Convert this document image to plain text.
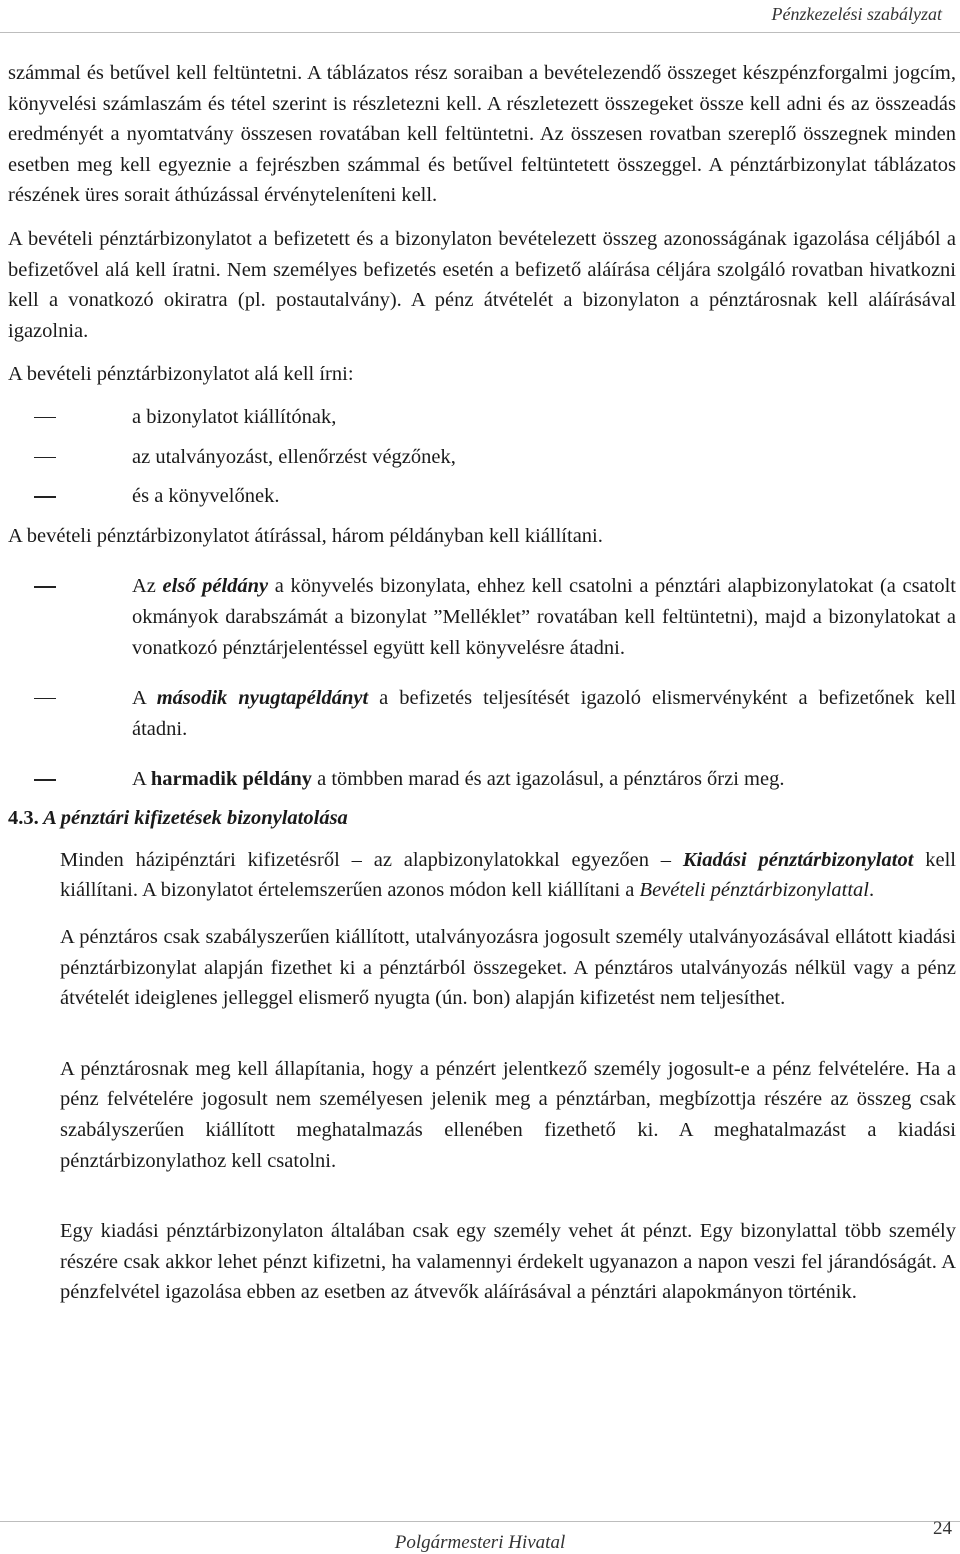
Pénzkezelési szabályzat

számmal és betűvel kell feltüntetni. A táblázatos rész soraiban a bevételezendő összeget készpénzforgalmi jogcím, könyvelési számlaszám és tétel szerint is részletezni kell. A részletezett összegeket össze kell adni és az összeadás eredményét a nyomtatvány összesen rovatában kell feltüntetni. Az összesen rovatban szereplő összegnek minden esetben meg kell egyeznie a fejrészben számmal és betűvel feltüntetett összeggel. A pénztárbizonylat táblázatos részének üres sorait áthúzással érvényteleníteni kell.

A bevételi pénztárbizonylatot a befizetett és a bizonylaton bevételezett összeg azonosságának igazolása céljából a befizetővel alá kell íratni. Nem személyes befizetés esetén a befizető aláírása céljára szolgáló rovatban hivatkozni kell a vonatkozó okiratra (pl. postautalvány). A pénz átvételét a bizonylaton a pénztárosnak kell aláírásával igazolnia.

A bevételi pénztárbizonylatot alá kell írni:

a bizonylatot kiállítónak,
az utalványozást, ellenőrzést végzőnek,
és a könyvelőnek.

A bevételi pénztárbizonylatot átírással, három példányban kell kiállítani.

Az első példány a könyvelés bizonylata, ehhez kell csatolni a pénztári alapbizonylatokat (a csatolt okmányok darabszámát a bizonylat ”Melléklet” rovatában kell feltüntetni), majd a bizonylatokat a vonatkozó pénztárjelentéssel együtt kell könyvelésre átadni.
A második nyugtapéldányt a befizetés teljesítését igazoló elismervényként a befizetőnek kell átadni.
A harmadik példány a tömbben marad és azt igazolásul, a pénztáros őrzi meg.
4.3. A pénztári kifizetések bizonylatolása

Minden házipénztári kifizetésről – az alapbizonylatokkal egyezően – Kiadási pénztárbizonylatot kell kiállítani. A bizonylatot értelemszerűen azonos módon kell kiállítani a Bevételi pénztárbizonylattal.

A pénztáros csak szabályszerűen kiállított, utalványozásra jogosult személy utalványozásával ellátott kiadási pénztárbizonylat alapján fizethet ki a pénztárból összegeket. A pénztáros utalványozás nélkül vagy a pénz átvételét ideiglenes jelleggel elismerő nyugta (ún. bon) alapján kifizetést nem teljesíthet.

A pénztárosnak meg kell állapítania, hogy a pénzért jelentkező személy jogosult-e a pénz felvételére. Ha a pénz felvételére jogosult nem személyesen jelenik meg a pénztárban, megbízottja részére az összeg csak szabályszerűen kiállított meghatalmazás ellenében fizethető ki. A meghatalmazást a kiadási pénztárbizonylathoz kell csatolni.

Egy kiadási pénztárbizonylaton általában csak egy személy vehet át pénzt. Egy bizonylattal több személy részére csak akkor lehet pénzt kifizetni, ha valamennyi érdekelt ugyanazon a napon veszi fel járandóságát. A pénzfelvétel igazolása ebben az esetben az átvevők aláírásával a pénztári alapokmányon történik.

Polgármesteri Hivatal
24
